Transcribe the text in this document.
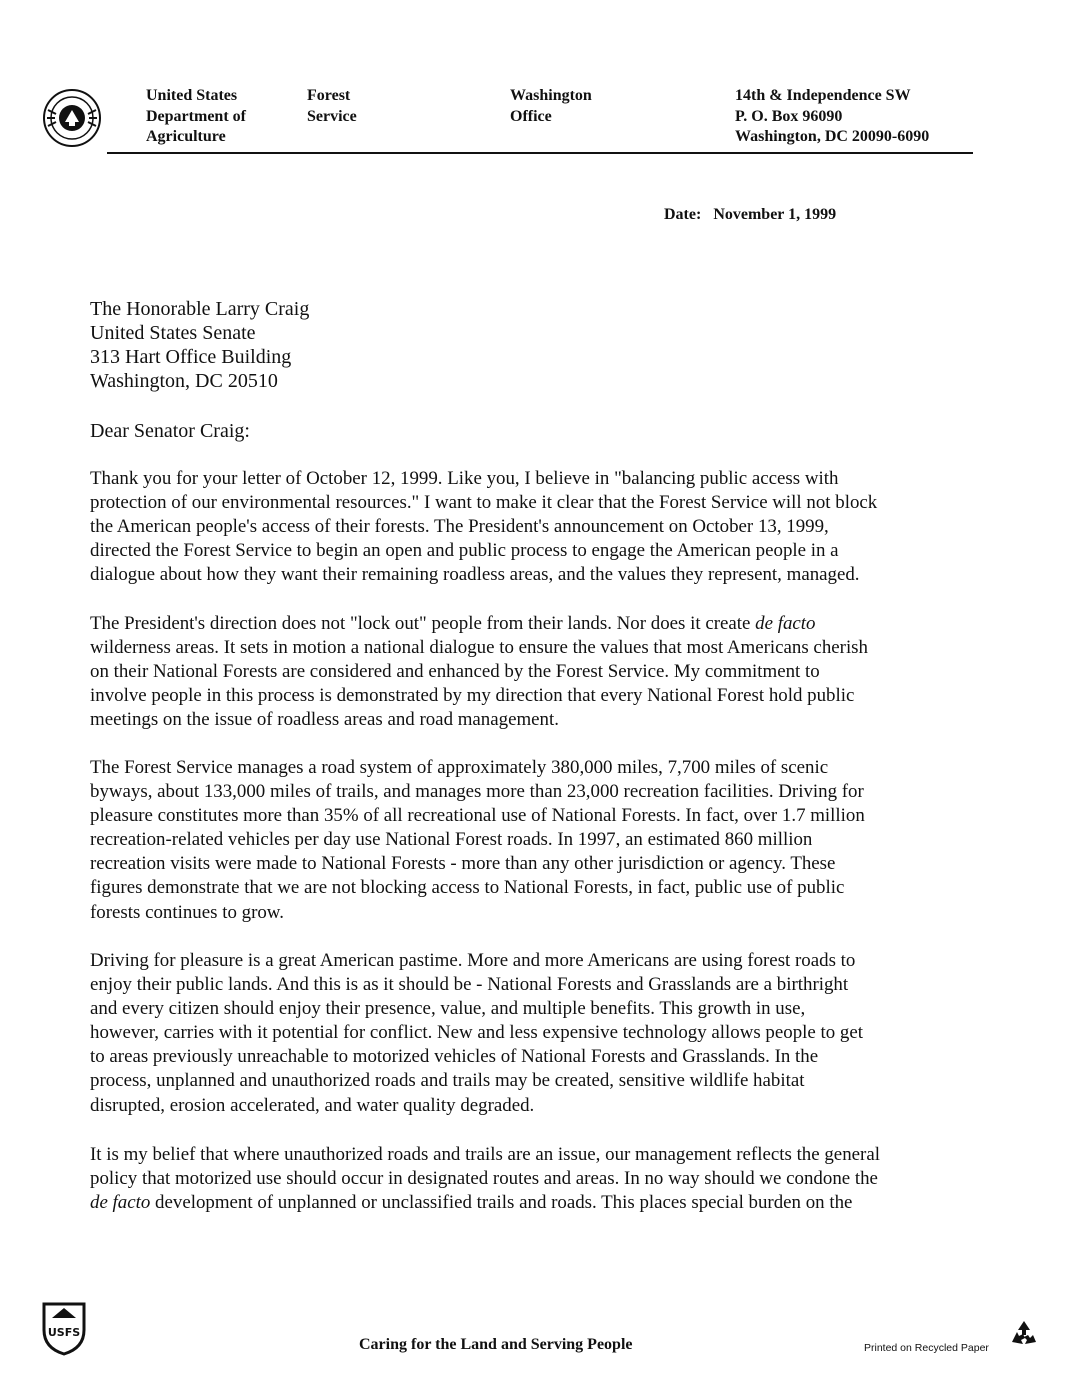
United States
Department of
Agriculture
Forest
Service
Washington
Office
14th & Independence SW
P. O. Box 96090
Washington, DC 20090-6090
Date: November 1, 1999
The Honorable Larry Craig
United States Senate
313 Hart Office Building
Washington, DC 20510
Dear Senator Craig:
Thank you for your letter of October 12, 1999. Like you, I believe in "balancing public access with
protection of our environmental resources." I want to make it clear that the Forest Service will not block
the American people's access of their forests. The President's announcement on October 13, 1999,
directed the Forest Service to begin an open and public process to engage the American people in a
dialogue about how they want their remaining roadless areas, and the values they represent, managed.
The President's direction does not "lock out" people from their lands. Nor does it create de facto
wilderness areas. It sets in motion a national dialogue to ensure the values that most Americans cherish
on their National Forests are considered and enhanced by the Forest Service. My commitment to
involve people in this process is demonstrated by my direction that every National Forest hold public
meetings on the issue of roadless areas and road management.
The Forest Service manages a road system of approximately 380,000 miles, 7,700 miles of scenic
byways, about 133,000 miles of trails, and manages more than 23,000 recreation facilities. Driving for
pleasure constitutes more than 35% of all recreational use of National Forests. In fact, over 1.7 million
recreation-related vehicles per day use National Forest roads. In 1997, an estimated 860 million
recreation visits were made to National Forests - more than any other jurisdiction or agency. These
figures demonstrate that we are not blocking access to National Forests, in fact, public use of public
forests continues to grow.
Driving for pleasure is a great American pastime. More and more Americans are using forest roads to
enjoy their public lands. And this is as it should be - National Forests and Grasslands are a birthright
and every citizen should enjoy their presence, value, and multiple benefits. This growth in use,
however, carries with it potential for conflict. New and less expensive technology allows people to get
to areas previously unreachable to motorized vehicles of National Forests and Grasslands. In the
process, unplanned and unauthorized roads and trails may be created, sensitive wildlife habitat
disrupted, erosion accelerated, and water quality degraded.
It is my belief that where unauthorized roads and trails are an issue, our management reflects the general
policy that motorized use should occur in designated routes and areas. In no way should we condone the
de facto development of unplanned or unclassified trails and roads. This places special burden on the
USFS
Caring for the Land and Serving People	Printed on Recycled Paper
